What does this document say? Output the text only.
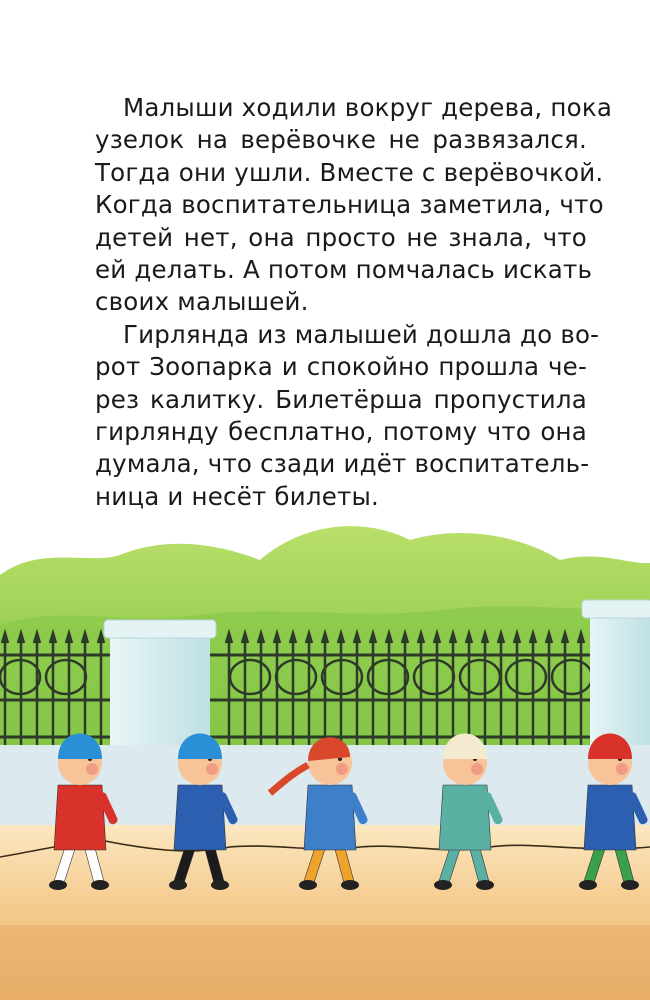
Малыши ходили вокруг дерева, пока

узелок на верёвочке не развязался.
Тогда они ушли. Вместе с верёвочкой.
Когда воспитательница заметила, что
детей нет, она просто не знала, что
ей делать. А потом помчалась искать
своих малышей.

Гирлянда из малышей дошла до во-

рот Зоопарка и спокойно прошла че-
рез калитку. Билетёрша пропустила
гирлянду бесплатно, потому что она
думала, что сзади идёт воспитатель-
ница и несёт билеты.
